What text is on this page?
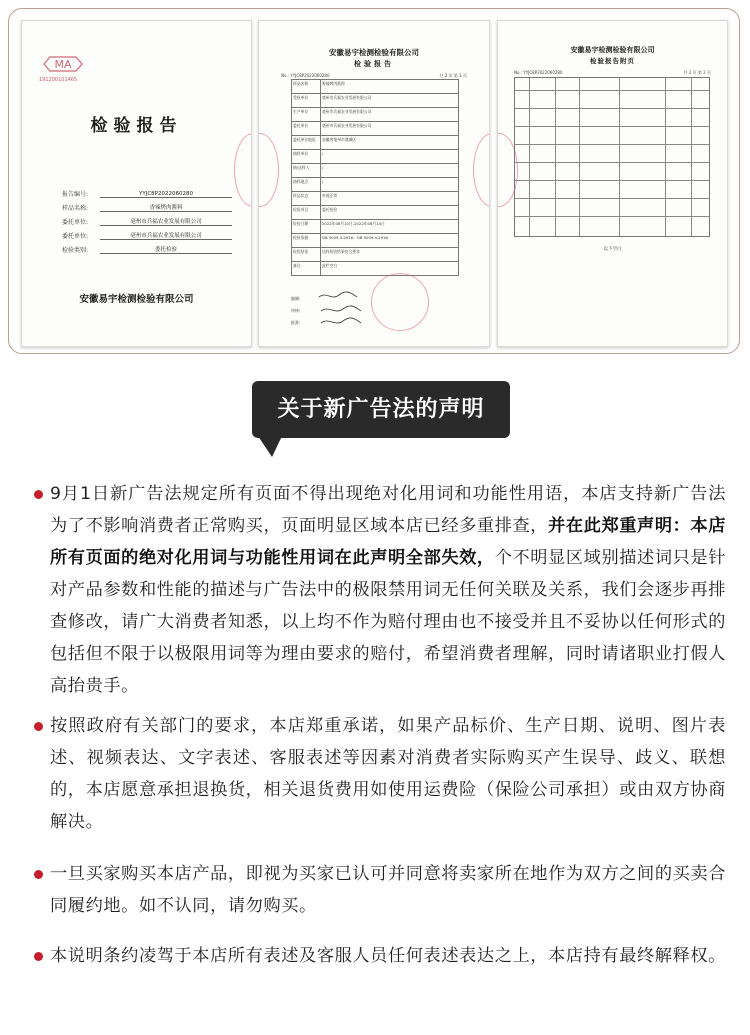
MA
191200101465
检验报告
报告编号:	YYJC8P2022060280
样品名称:	香辣烤肉酱料
委托单位:	亳州市兵福农业发展有限公司
委托单位:	亳州市兵福农业发展有限公司
检验类别:	委托检验
安徽易宇检测检验有限公司
安徽易宇检测检验有限公司
检验报告
No.: YYJC8P2022060280	共 2 页 第 1 页
样品名称	香辣烤肉酱料
受检单位	亳州市兵福农业发展有限公司
生产单位	亳州市兵福农业发展有限公司
委托单位	亳州市兵福农业发展有限公司
委托单位地址	安徽省亳州市谯城区
抽样单位	/
抽/送样人	/
抽样地点	/
样品状态	外观正常
检验项目	委托检验
检验日期	2022年06月10日-2022年06月14日
检验依据	GB 5009.3-2016、GB 5009.4-2016
检验结论	送样检验结果符合要求
备注	此栏空白
编制:
审核:
批准:
安徽易宇检测检验有限公司
检验报告附页
No.: YYJC8P2022060280	共 2 页 第 2 页
以下空白
关于新广告法的声明

9月1日新广告法规定所有页面不得出现绝对化用词和功能性用语，本店支持新广告法为了不影响消费者正常购买，页面明显区域本店已经多重排查，并在此郑重声明：本店所有页面的绝对化用词与功能性用词在此声明全部失效，个不明显区域别描述词只是针对产品参数和性能的描述与广告法中的极限禁用词无任何关联及关系，我们会逐步再排查修改，请广大消费者知悉，以上均不作为赔付理由也不接受并且不妥协以任何形式的包括但不限于以极限用词等为理由要求的赔付，希望消费者理解，同时请诸职业打假人高抬贵手。

按照政府有关部门的要求，本店郑重承诺，如果产品标价、生产日期、说明、图片表述、视频表达、文字表述、客服表述等因素对消费者实际购买产生误导、歧义、联想的，本店愿意承担退换货，相关退货费用如使用运费险（保险公司承担）或由双方协商解决。

一旦买家购买本店产品，即视为买家已认可并同意将卖家所在地作为双方之间的买卖合同履约地。如不认同，请勿购买。

本说明条约凌驾于本店所有表述及客服人员任何表述表达之上，本店持有最终解释权。
